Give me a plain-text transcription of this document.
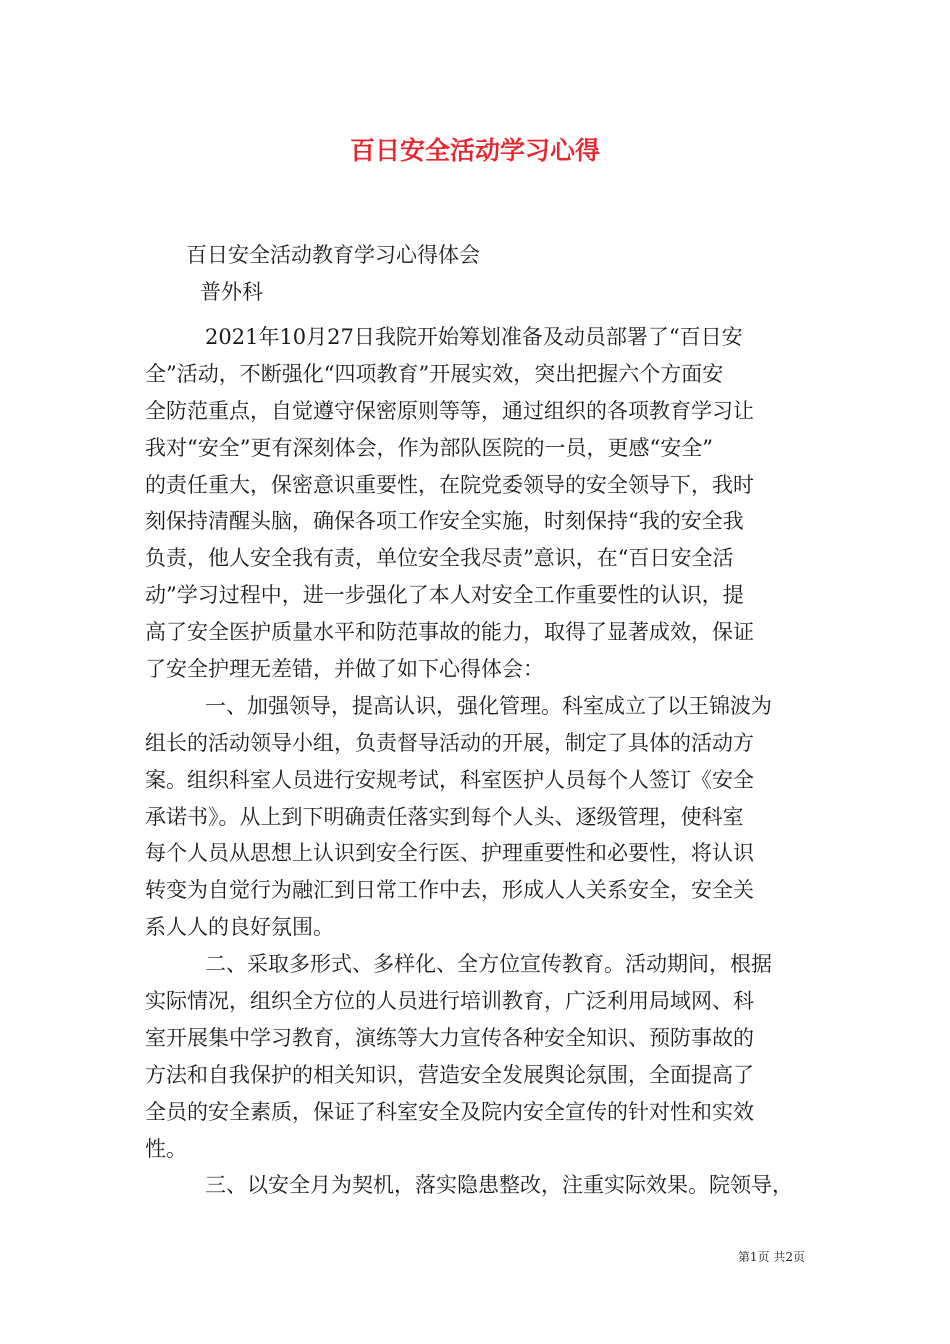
百日安全活动学习心得
百日安全活动教育学习心得体会
普外科
2021年10月27日我院开始筹划准备及动员部署了“百日安
全”活动，不断强化“四项教育”开展实效，突出把握六个方面安
全防范重点，自觉遵守保密原则等等，通过组织的各项教育学习让
我对“安全”更有深刻体会，作为部队医院的一员，更感“安全”
的责任重大，保密意识重要性，在院党委领导的安全领导下，我时
刻保持清醒头脑，确保各项工作安全实施，时刻保持“我的安全我
负责，他人安全我有责，单位安全我尽责”意识，在“百日安全活
动”学习过程中，进一步强化了本人对安全工作重要性的认识，提
高了安全医护质量水平和防范事故的能力，取得了显著成效，保证
了安全护理无差错，并做了如下心得体会：
一、加强领导，提高认识，强化管理。科室成立了以王锦波为
组长的活动领导小组，负责督导活动的开展，制定了具体的活动方
案。组织科室人员进行安规考试，科室医护人员每个人签订《安全
承诺书》。从上到下明确责任落实到每个人头、逐级管理，使科室
每个人员从思想上认识到安全行医、护理重要性和必要性，将认识
转变为自觉行为融汇到日常工作中去，形成人人关系安全，安全关
系人人的良好氛围。
二、采取多形式、多样化、全方位宣传教育。活动期间，根据
实际情况，组织全方位的人员进行培训教育，广泛利用局域网、科
室开展集中学习教育，演练等大力宣传各种安全知识、预防事故的
方法和自我保护的相关知识，营造安全发展舆论氛围，全面提高了
全员的安全素质，保证了科室安全及院内安全宣传的针对性和实效
性。
三、以安全月为契机，落实隐患整改，注重实际效果。院领导，
第1页 共2页
